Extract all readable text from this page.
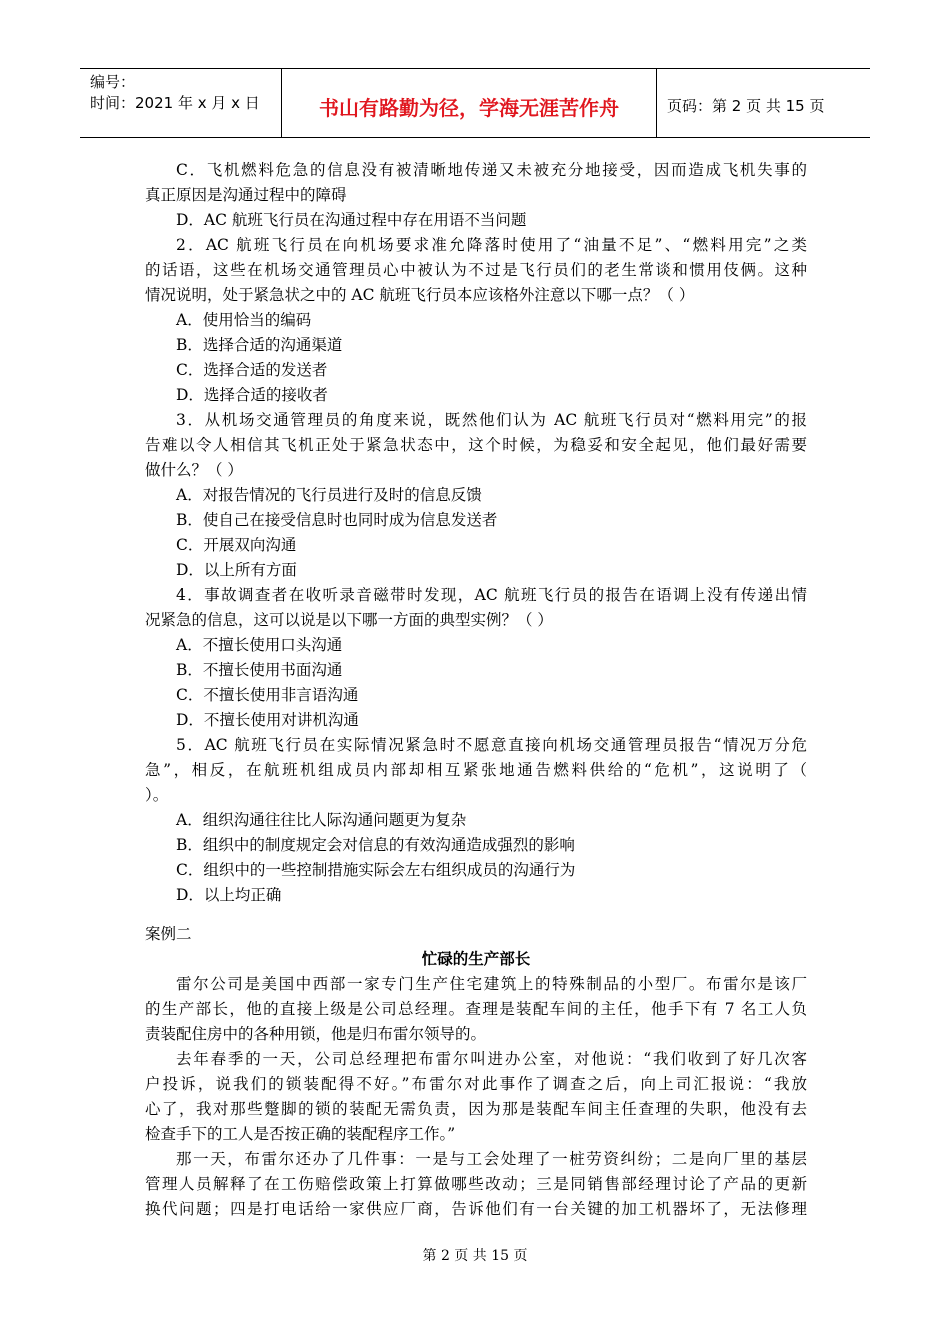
编号：
时间：2021 年 x 月 x 日	书山有路勤为径，学海无涯苦作舟	页码：第 2 页 共 15 页
C．飞机燃料危急的信息没有被清晰地传递又未被充分地接受，因而造成飞机失事的
真正原因是沟通过程中的障碍
D．AC 航班飞行员在沟通过程中存在用语不当问题
2．AC 航班飞行员在向机场要求准允降落时使用了“油量不足”、“燃料用完”之类
的话语，这些在机场交通管理员心中被认为不过是飞行员们的老生常谈和惯用伎俩。这种
情况说明，处于紧急状之中的 AC 航班飞行员本应该格外注意以下哪一点？（ ）
A．使用恰当的编码
B．选择合适的沟通渠道
C．选择合适的发送者
D．选择合适的接收者
3．从机场交通管理员的角度来说，既然他们认为 AC 航班飞行员对“燃料用完”的报
告难以令人相信其飞机正处于紧急状态中，这个时候，为稳妥和安全起见，他们最好需要
做什么？（ ）
A．对报告情况的飞行员进行及时的信息反馈
B．使自己在接受信息时也同时成为信息发送者
C．开展双向沟通
D．以上所有方面
4．事故调查者在收听录音磁带时发现，AC 航班飞行员的报告在语调上没有传递出情
况紧急的信息，这可以说是以下哪一方面的典型实例？（ ）
A．不擅长使用口头沟通
B．不擅长使用书面沟通
C．不擅长使用非言语沟通
D．不擅长使用对讲机沟通
5．AC 航班飞行员在实际情况紧急时不愿意直接向机场交通管理员报告“情况万分危
急”，相反，在航班机组成员内部却相互紧张地通告燃料供给的“危机”，这说明了（
）。
A．组织沟通往往比人际沟通问题更为复杂
B．组织中的制度规定会对信息的有效沟通造成强烈的影响
C．组织中的一些控制措施实际会左右组织成员的沟通行为
D．以上均正确
案例二
忙碌的生产部长
雷尔公司是美国中西部一家专门生产住宅建筑上的特殊制品的小型厂。布雷尔是该厂
的生产部长，他的直接上级是公司总经理。查理是装配车间的主任，他手下有 7 名工人负
责装配住房中的各种用锁，他是归布雷尔领导的。
去年春季的一天，公司总经理把布雷尔叫进办公室，对他说：“我们收到了好几次客
户投诉，说我们的锁装配得不好。”布雷尔对此事作了调查之后，向上司汇报说：“我放
心了，我对那些蹩脚的锁的装配无需负责，因为那是装配车间主任查理的失职，他没有去
检查手下的工人是否按正确的装配程序工作。”
那一天，布雷尔还办了几件事：一是与工会处理了一桩劳资纠纷；二是向厂里的基层
管理人员解释了在工伤赔偿政策上打算做哪些改动；三是同销售部经理讨论了产品的更新
换代问题；四是打电话给一家供应厂商，告诉他们有一台关键的加工机器坏了，无法修理
第 2 页 共 15 页
